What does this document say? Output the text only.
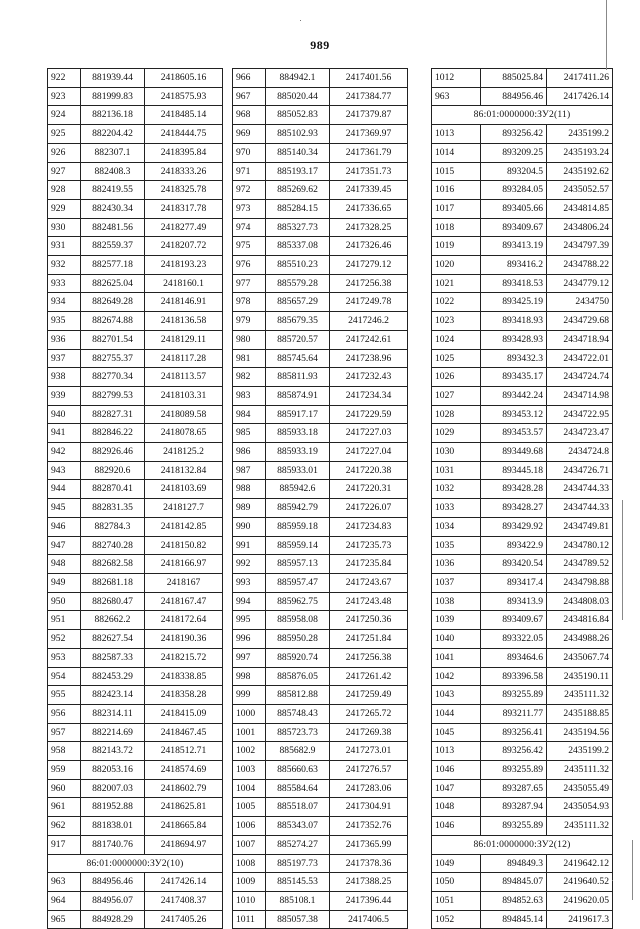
989
922	881939.44	2418605.16
923	881999.83	2418575.93
924	882136.18	2418485.14
925	882204.42	2418444.75
926	882307.1	2418395.84
927	882408.3	2418333.26
928	882419.55	2418325.78
929	882430.34	2418317.78
930	882481.56	2418277.49
931	882559.37	2418207.72
932	882577.18	2418193.23
933	882625.04	2418160.1
934	882649.28	2418146.91
935	882674.88	2418136.58
936	882701.54	2418129.11
937	882755.37	2418117.28
938	882770.34	2418113.57
939	882799.53	2418103.31
940	882827.31	2418089.58
941	882846.22	2418078.65
942	882926.46	2418125.2
943	882920.6	2418132.84
944	882870.41	2418103.69
945	882831.35	2418127.7
946	882784.3	2418142.85
947	882740.28	2418150.82
948	882682.58	2418166.97
949	882681.18	2418167
950	882680.47	2418167.47
951	882662.2	2418172.64
952	882627.54	2418190.36
953	882587.33	2418215.72
954	882453.29	2418338.85
955	882423.14	2418358.28
956	882314.11	2418415.09
957	882214.69	2418467.45
958	882143.72	2418512.71
959	882053.16	2418574.69
960	882007.03	2418602.79
961	881952.88	2418625.81
962	881838.01	2418665.84
917	881740.76	2418694.97
86:01:0000000:ЗУ2(10)		
963	884956.46	2417426.14
964	884956.07	2417408.37
965	884928.29	2417405.26
966	884942.1	2417401.56
967	885020.44	2417384.77
968	885052.83	2417379.87
969	885102.93	2417369.97
970	885140.34	2417361.79
971	885193.17	2417351.73
972	885269.62	2417339.45
973	885284.15	2417336.65
974	885327.73	2417328.25
975	885337.08	2417326.46
976	885510.23	2417279.12
977	885579.28	2417256.38
978	885657.29	2417249.78
979	885679.35	2417246.2
980	885720.57	2417242.61
981	885745.64	2417238.96
982	885811.93	2417232.43
983	885874.91	2417234.34
984	885917.17	2417229.59
985	885933.18	2417227.03
986	885933.19	2417227.04
987	885933.01	2417220.38
988	885942.6	2417220.31
989	885942.79	2417226.07
990	885959.18	2417234.83
991	885959.14	2417235.73
992	885957.13	2417235.84
993	885957.47	2417243.67
994	885962.75	2417243.48
995	885958.08	2417250.36
996	885950.28	2417251.84
997	885920.74	2417256.38
998	885876.05	2417261.42
999	885812.88	2417259.49
1000	885748.43	2417265.72
1001	885723.73	2417269.38
1002	885682.9	2417273.01
1003	885660.63	2417276.57
1004	885584.64	2417283.06
1005	885518.07	2417304.91
1006	885343.07	2417352.76
1007	885274.27	2417365.99
1008	885197.73	2417378.36
1009	885145.53	2417388.25
1010	885108.1	2417396.44
1011	885057.38	2417406.5
1012	885025.84	2417411.26
963	884956.46	2417426.14
86:01:0000000:ЗУ2(11)		
1013	893256.42	2435199.2
1014	893209.25	2435193.24
1015	893204.5	2435192.62
1016	893284.05	2435052.57
1017	893405.66	2434814.85
1018	893409.67	2434806.24
1019	893413.19	2434797.39
1020	893416.2	2434788.22
1021	893418.53	2434779.12
1022	893425.19	2434750
1023	893418.93	2434729.68
1024	893428.93	2434718.94
1025	893432.3	2434722.01
1026	893435.17	2434724.74
1027	893442.24	2434714.98
1028	893453.12	2434722.95
1029	893453.57	2434723.47
1030	893449.68	2434724.8
1031	893445.18	2434726.71
1032	893428.28	2434744.33
1033	893428.27	2434744.33
1034	893429.92	2434749.81
1035	893422.9	2434780.12
1036	893420.54	2434789.52
1037	893417.4	2434798.88
1038	893413.9	2434808.03
1039	893409.67	2434816.84
1040	893322.05	2434988.26
1041	893464.6	2435067.74
1042	893396.58	2435190.11
1043	893255.89	2435111.32
1044	893211.77	2435188.85
1045	893256.41	2435194.56
1013	893256.42	2435199.2
1046	893255.89	2435111.32
1047	893287.65	2435055.49
1048	893287.94	2435054.93
1046	893255.89	2435111.32
86:01:0000000:ЗУ2(12)		
1049	894849.3	2419642.12
1050	894845.07	2419640.52
1051	894852.63	2419620.05
1052	894845.14	2419617.3
